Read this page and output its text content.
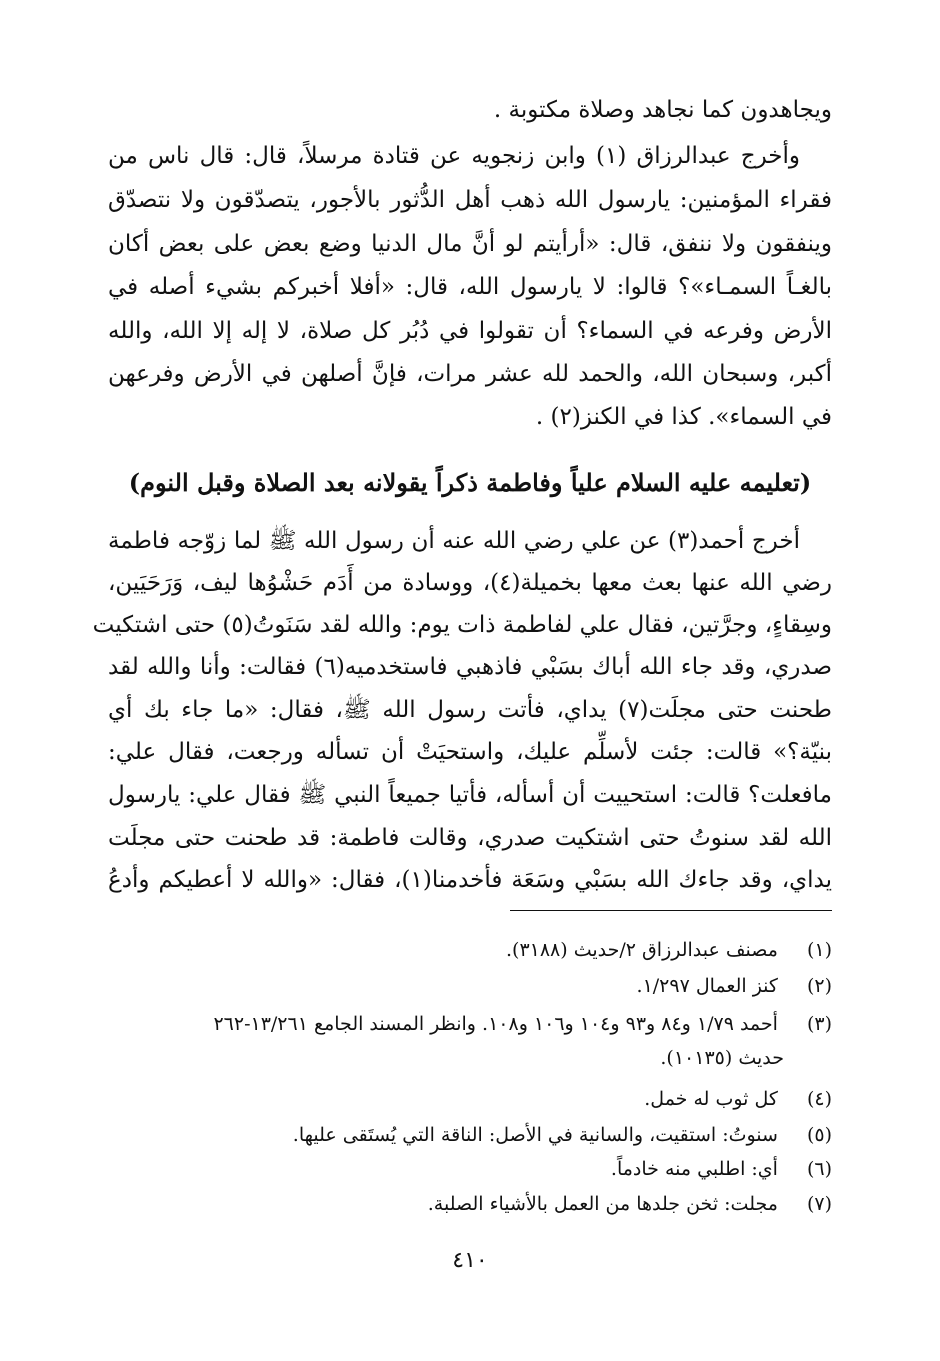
ويجاهدون كما نجاهد وصلاة مكتوبة .
وأخرج عبدالرزاق (١) وابن زنجويه عن قتادة مرسلاً، قال: قال ناس من
فقراء المؤمنين: يارسول الله ذهب أهل الدُّثور بالأجور، يتصدّقون ولا نتصدّق
وينفقون ولا ننفق، قال: «أرأيتم لو أنَّ مال الدنيا وضع بعض على بعض أكان
بالغـاً السمـاء»؟ قالوا: لا يارسول الله، قال: «أفلا أخبركم بشيء أصله في
الأرض وفرعه في السماء؟ أن تقولوا في دُبُر كل صلاة، لا إله إلا الله، والله
أكبر، وسبحان الله، والحمد لله عشر مرات، فإنَّ أصلهن في الأرض وفرعهن
في السماء». كذا في الكنز(٢) .
(تعليمه عليه السلام علياً وفاطمة ذكراً يقولانه بعد الصلاة وقبل النوم)
أخرج أحمد(٣) عن علي رضي الله عنه أن رسول الله ﷺ لما زوّجه فاطمة
رضي الله عنها بعث معها بخميلة(٤)، ووسادة من أَدَم حَشْوُها ليف، وَرَحَيَين،
وسِقاءٍ، وجرَّتين، فقال علي لفاطمة ذات يوم: والله لقد سَنَوتُ(٥) حتى اشتكيت
صدري، وقد جاء الله أباك بسَبْي فاذهبي فاستخدميه(٦) فقالت: وأنا والله لقد
طحنت حتى مجلَت(٧) يداي، فأتت رسول الله ﷺ، فقال: «ما جاء بك أي
بنيّة؟» قالت: جئت لأسلِّم عليك، واستحيَتْ أن تسأله ورجعت، فقال علي:
مافعلت؟ قالت: استحييت أن أسأله، فأتيا جميعاً النبي ﷺ فقال علي: يارسول
الله لقد سنوتُ حتى اشتكيت صدري، وقالت فاطمة: قد طحنت حتى مجلَت
يداي، وقد جاءك الله بسَبْي وسَعَة فأخدمنا(١)، فقال: «والله لا أعطيكم وأدعُ
(١) مصنف عبدالرزاق ٢/حديث (٣١٨٨).
(٢) كنز العمال ١/٢٩٧.
(٣) أحمد ١/٧٩ و٨٤ و٩٣ و١٠٤ و١٠٦ و١٠٨. وانظر المسند الجامع ١٣/٢٦١-٢٦٢
حديث (١٠١٣٥).
(٤) كل ثوب له خمل.
(٥) سنوتُ: استقيت، والسانية في الأصل: الناقة التي يُستَقى عليها.
(٦) أي: اطلبي منه خادماً.
(٧) مجلت: ثخن جلدها من العمل بالأشياء الصلبة.
٤١٠
